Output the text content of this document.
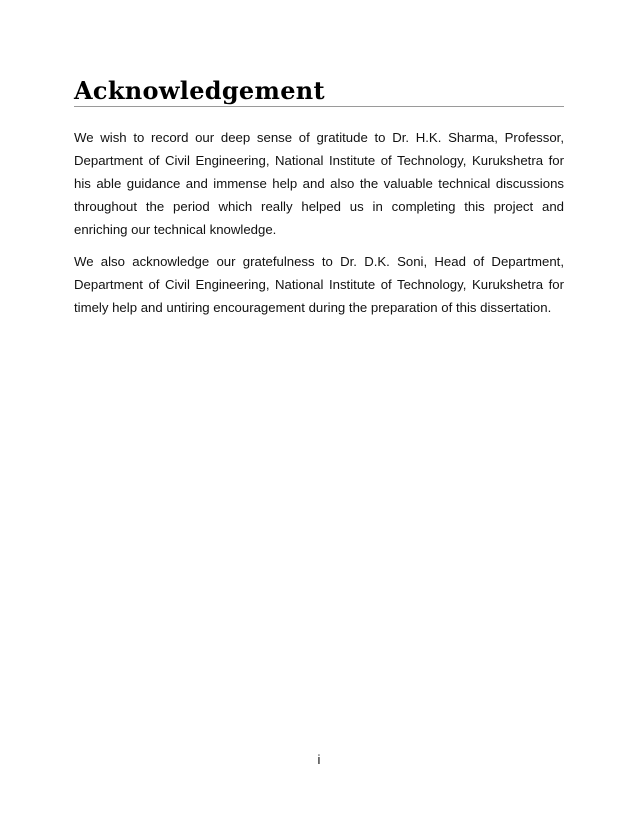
Acknowledgement

We wish to record our deep sense of gratitude to Dr. H.K. Sharma, Professor, Department of Civil Engineering, National Institute of Technology, Kurukshetra for his able guidance and immense help and also the valuable technical discussions throughout the period which really helped us in completing this project and enriching our technical knowledge.

We also acknowledge our gratefulness to Dr. D.K. Soni, Head of Department, Department of Civil Engineering, National Institute of Technology, Kurukshetra for timely help and untiring encouragement during the preparation of this dissertation.

i
